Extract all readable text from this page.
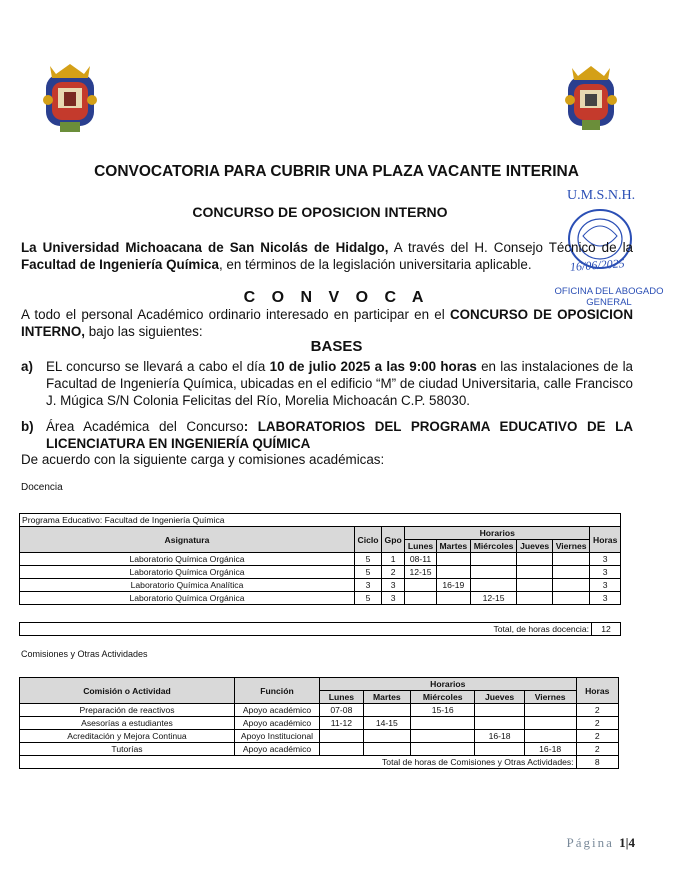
CONVOCATORIA PARA CUBRIR UNA PLAZA VACANTE INTERINA
CONCURSO DE OPOSICION INTERNO
U.M.S.N.H.
16/06/2025
OFICINA DEL ABOGADO GENERAL
La Universidad Michoacana de San Nicolás de Hidalgo, A través del H. Consejo Técnico de la Facultad de Ingeniería Química, en términos de la legislación universitaria aplicable.
C O N V O C A
A todo el personal Académico ordinario interesado en participar en el CONCURSO DE OPOSICION INTERNO, bajo las siguientes:
BASES
a) EL concurso se llevará a cabo el día 10 de julio 2025 a las 9:00 horas en las instalaciones de la Facultad de Ingeniería Química, ubicadas en el edificio “M” de ciudad Universitaria, calle Francisco J. Múgica S/N Colonia Felicitas del Río, Morelia Michoacán C.P. 58030.
b) Área Académica del Concurso: LABORATORIOS DEL PROGRAMA EDUCATIVO DE LA LICENCIATURA EN INGENIERÍA QUÍMICA
De acuerdo con la siguiente carga y comisiones académicas:
Docencia
Programa Educativo: Facultad de Ingeniería Química								
Asignatura	Ciclo	Gpo	Horarios					Horas
			Lunes	Martes	Miércoles	Jueves	Viernes	
Laboratorio Química Orgánica	5	1	08-11					3
Laboratorio Química Orgánica	5	2	12-15					3
Laboratorio Química Analítica	3	3		16-19				3
Laboratorio Química Orgánica	5	3			12-15			3
Total, de horas docencia:	12
Comisiones y Otras Actividades
Comisión o Actividad	Función	Horarios					Horas
		Lunes	Martes	Miércoles	Jueves	Viernes	
Preparación de reactivos	Apoyo académico	07-08		15-16			2
Asesorías a estudiantes	Apoyo académico	11-12	14-15				2
Acreditación y Mejora Continua	Apoyo Institucional				16-18		2
Tutorías	Apoyo académico					16-18	2
Total de horas de Comisiones y Otras Actividades:							8
Página 1|4
